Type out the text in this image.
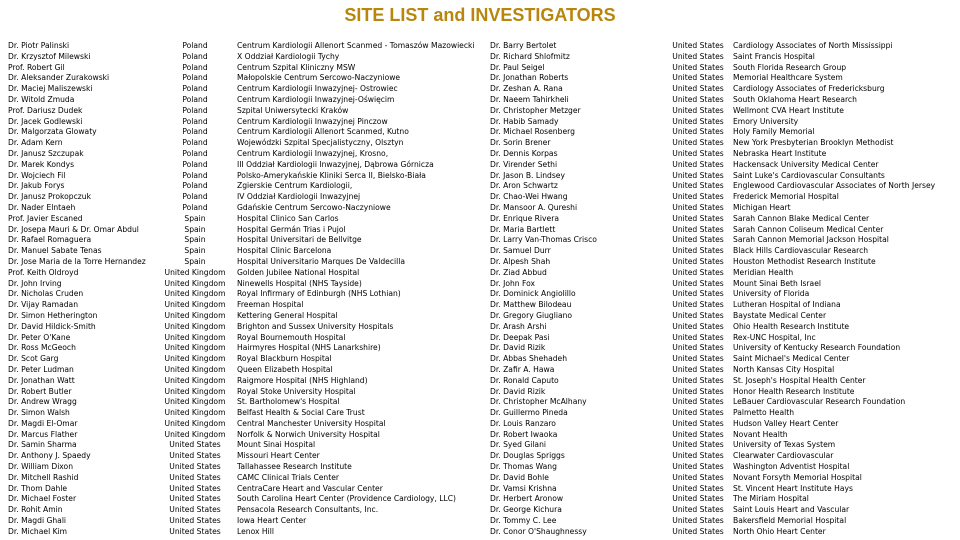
SITE LIST and INVESTIGATORS
Dr. Piotr Palinski
Dr. Krzysztof Milewski
Prof. Robert Gil
Dr. Aleksander Zurakowski
Dr. Maciej Maliszewski
Dr. Witold Zmuda
Prof. Dariusz Dudek
Dr. Jacek Godlewski
Dr. Malgorzata Glowaty
Dr. Adam Kern
Dr. Janusz Szczupak
Dr. Marek Kondys
Dr. Wojciech Fil
Dr. Jakub Forys
Dr. Janusz Prokopczuk
Dr. Nader Elntaeh
Prof. Javier Escaned
Dr. Josepa Mauri & Dr. Omar Abdul
Dr. Rafael Romaguera
Dr. Manuel Sabate Tenas
Dr. Jose Maria de la Torre Hernandez
Prof. Keith Oldroyd
Dr. John Irving
Dr. Nicholas Cruden
Dr. Vijay Ramadan
Dr. Simon Hetherington
Dr. David Hildick-Smith
Dr. Peter O'Kane
Dr. Ross McGeoch
Dr. Scot Garg
Dr. Peter Ludman
Dr. Jonathan Watt
Dr. Robert Butler
Dr. Andrew Wragg
Dr. Simon Walsh
Dr. Magdi El-Omar
Dr. Marcus Flather
Dr. Samin Sharma
Dr. Anthony J. Spaedy
Dr. William Dixon
Dr. Mitchell Rashid
Dr. Thom Dahle
Dr. Michael Foster
Dr. Rohit Amin
Dr. Magdi Ghali
Dr. Michael Kim
Poland
Poland
Poland
Poland
Poland
Poland
Poland
Poland
Poland
Poland
Poland
Poland
Poland
Poland
Poland
Poland
Spain
Spain
Spain
Spain
Spain
United Kingdom
United Kingdom
United Kingdom
United Kingdom
United Kingdom
United Kingdom
United Kingdom
United Kingdom
United Kingdom
United Kingdom
United Kingdom
United Kingdom
United Kingdom
United Kingdom
United Kingdom
United Kingdom
United States
United States
United States
United States
United States
United States
United States
United States
United States
Centrum Kardiologii Allenort Scanmed - Tomaszów Mazowiecki
X Oddział Kardiologii Tychy
Centrum Szpital Kliniczny MSW
Małopolskie Centrum Sercowo-Naczyniowe
Centrum Kardiologii Inwazyjnej- Ostrowiec
Centrum Kardiologii Inwazyjnej-Oświęcim
Szpital Uniwersytecki Kraków
Centrum Kardiologii Inwazyjnej Pinczow
Centrum Kardiologii Allenort Scanmed, Kutno
Wojewódzki Szpital Specjalistyczny, Olsztyn
Centrum Kardiologii Inwazyjnej, Krosno,
III Oddział Kardiologii Inwazyjnej, Dąbrowa Górnicza
Polsko-Amerykańskie Kliniki Serca II, Bielsko-Biała
Zgierskie Centrum Kardiologii,
IV Oddział Kardiologii Inwazyjnej
Gdańskie Centrum Sercowo-Naczyniowe
Hospital Clinico San Carlos
Hospital Germán Trias i Pujol
Hospital Universitari de Bellvitge
Hospital Clinic Barcelona
Hospital Universitario Marques De Valdecilla
Golden Jubilee National Hospital
Ninewells Hospital (NHS Tayside)
Royal Infirmary of Edinburgh (NHS Lothian)
Freeman Hospital
Kettering General Hospital
Brighton and Sussex University Hospitals
Royal Bournemouth Hospital
Hairmyres Hospital (NHS Lanarkshire)
Royal Blackburn Hospital
Queen Elizabeth Hospital
Raigmore Hospital (NHS Highland)
Royal Stoke University Hospital
St. Bartholomew's Hospital
Belfast Health & Social Care Trust
Central Manchester University Hospital
Norfolk & Norwich University Hospital
Mount Sinai Hospital
Missouri Heart Center
Tallahassee Research Institute
CAMC Clinical Trials Center
CentraCare Heart and Vascular Center
South Carolina Heart Center (Providence Cardiology, LLC)
Pensacola Research Consultants, Inc.
Iowa Heart Center
Lenox Hill
Dr. Barry Bertolet
Dr. Richard Shlofmitz
Dr. Paul Seigel
Dr. Jonathan Roberts
Dr. Zeshan A. Rana
Dr. Naeem Tahirkheli
Dr. Christopher Metzger
Dr. Habib Samady
Dr. Michael Rosenberg
Dr. Sorin Brener
Dr. Dennis Korpas
Dr. Virender Sethi
Dr. Jason B. Lindsey
Dr. Aron Schwartz
Dr. Chao-Wei Hwang
Dr. Mansoor A. Qureshi
Dr. Enrique Rivera
Dr. Maria Bartlett
Dr. Larry Van-Thomas Crisco
Dr. Samuel Durr
Dr. Alpesh Shah
Dr. Ziad Abbud
Dr. John Fox
Dr. Dominick Angiolillo
Dr. Matthew Bilodeau
Dr. Gregory Giugliano
Dr. Arash Arshi
Dr. Deepak Pasi
Dr. David Rizik
Dr. Abbas Shehadeh
Dr. Zafir A. Hawa
Dr. Ronald Caputo
Dr. David Rizik
Dr. Christopher McAlhany
Dr. Guillermo Pineda
Dr. Louis Ranzaro
Dr. Robert Iwaoka
Dr. Syed Gilani
Dr. Douglas Spriggs
Dr. Thomas Wang
Dr. David Bohle
Dr. Vamsi Krishna
Dr. Herbert Aronow
Dr. George Kichura
Dr. Tommy C. Lee
Dr. Conor O'Shaughnessy
United States
United States
United States
United States
United States
United States
United States
United States
United States
United States
United States
United States
United States
United States
United States
United States
United States
United States
United States
United States
United States
United States
United States
United States
United States
United States
United States
United States
United States
United States
United States
United States
United States
United States
United States
United States
United States
United States
United States
United States
United States
United States
United States
United States
United States
United States
Cardiology Associates of North Mississippi
Saint Francis Hospital
South Florida Research Group
Memorial Healthcare System
Cardiology Associates of Fredericksburg
South Oklahoma Heart Research
Wellmont CVA Heart Institute
Emory University
Holy Family Memorial
New York Presbyterian Brooklyn Methodist
Nebraska Heart Institute
Hackensack University Medical Center
Saint Luke's Cardiovascular Consultants
Englewood Cardiovascular Associates of North Jersey
Frederick Memorial Hospital
Michigan Heart
Sarah Cannon Blake Medical Center
Sarah Cannon Coliseum Medical Center
Sarah Cannon Memorial Jackson Hospital
Black Hills Cardiovascular Research
Houston Methodist Research Institute
Meridian Health
Mount Sinai Beth Israel
University of Florida
Lutheran Hospital of Indiana
Baystate Medical Center
Ohio Health Research Institute
Rex-UNC Hospital, Inc
University of Kentucky Research Foundation
Saint Michael's Medical Center
North Kansas City Hospital
St. Joseph's Hospital Health Center
Honor Health Research Institute
LeBauer Cardiovascular Research Foundation
Palmetto Health
Hudson Valley Heart Center
Novant Health
University of Texas System
Clearwater Cardiovascular
Washington Adventist Hospital
Novant Forsyth Memorial Hospital
St. Vincent Heart Institute Hays
The Miriam Hospital
Saint Louis Heart and Vascular
Bakersfield Memorial Hospital
North Ohio Heart Center
